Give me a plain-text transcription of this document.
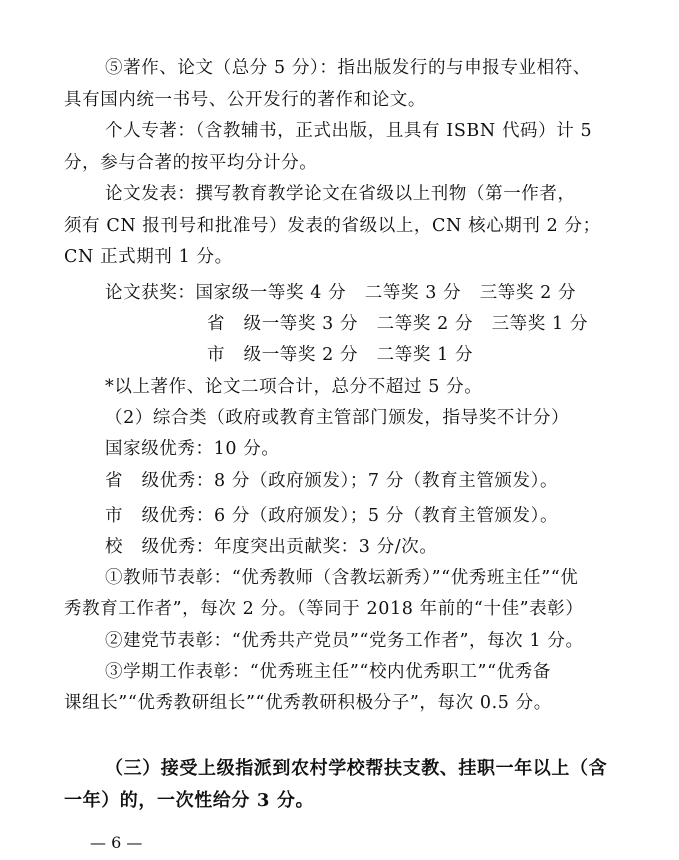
⑤著作、论文（总分 5 分）：指出版发行的与申报专业相符、
具有国内统一书号、公开发行的著作和论文。
个人专著：（含教辅书，正式出版，且具有 ISBN 代码）计 5
分，参与合著的按平均分计分。
论文发表：撰写教育教学论文在省级以上刊物（第一作者，
须有 CN 报刊号和批准号）发表的省级以上，CN 核心期刊 2 分；
CN 正式期刊 1 分。
论文获奖：国家级一等奖 4 分   二等奖 3 分   三等奖 2 分
省   级一等奖 3 分   二等奖 2 分   三等奖 1 分
市   级一等奖 2 分   二等奖 1 分
*以上著作、论文二项合计，总分不超过 5 分。
（2）综合类（政府或教育主管部门颁发，指导奖不计分）
国家级优秀：10 分。
省   级优秀：8 分（政府颁发）；7 分（教育主管颁发）。
市   级优秀：6 分（政府颁发）；5 分（教育主管颁发）。
校   级优秀：年度突出贡献奖：3 分/次。
①教师节表彰：“优秀教师（含教坛新秀）”“优秀班主任”“优
秀教育工作者”，每次 2 分。（等同于 2018 年前的“十佳”表彰）
②建党节表彰：“优秀共产党员”“党务工作者”，每次 1 分。
③学期工作表彰：“优秀班主任”“校内优秀职工”“优秀备
课组长”“优秀教研组长”“优秀教研积极分子”，每次 0.5 分。
（三）接受上级指派到农村学校帮扶支教、挂职一年以上（含
一年）的，一次性给分 3 分。
— 6 —
